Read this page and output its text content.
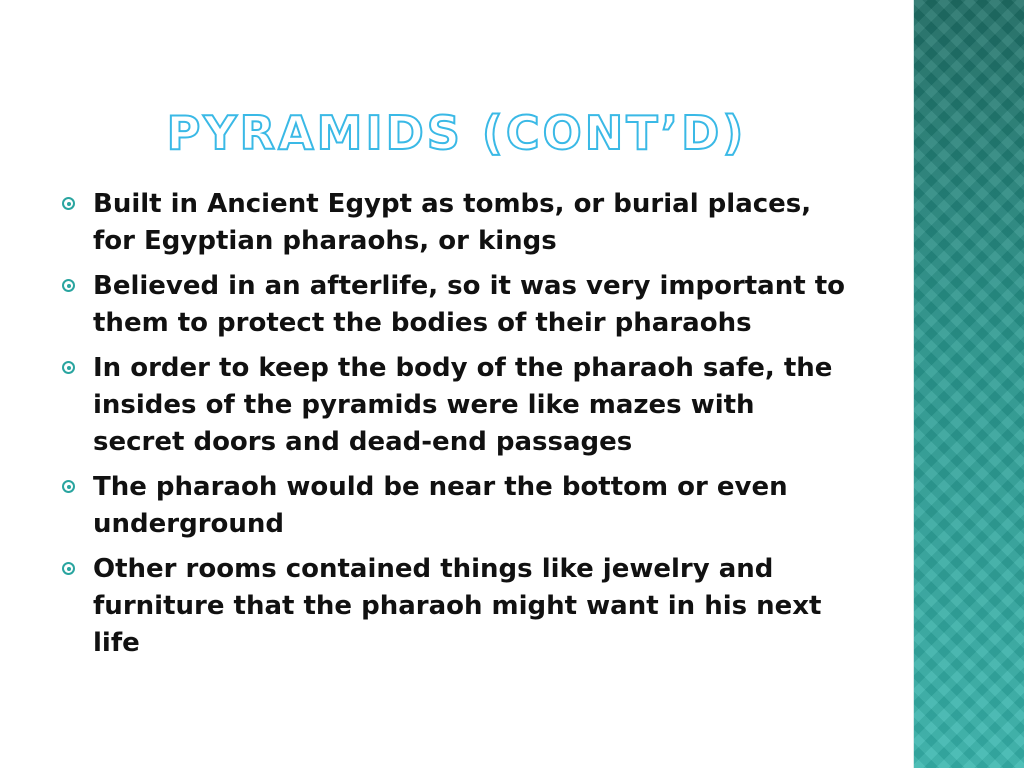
PYRAMIDS (CONT’D)
Built in Ancient Egypt as tombs, or burial places, for Egyptian pharaohs, or kings
Believed in an afterlife, so it was very important to them to protect the bodies of their pharaohs
In order to keep the body of the pharaoh safe, the insides of the pyramids were like mazes with secret doors and dead-end passages
The pharaoh would be near the bottom or even underground
Other rooms contained things like jewelry and furniture that the pharaoh might want in his next life
